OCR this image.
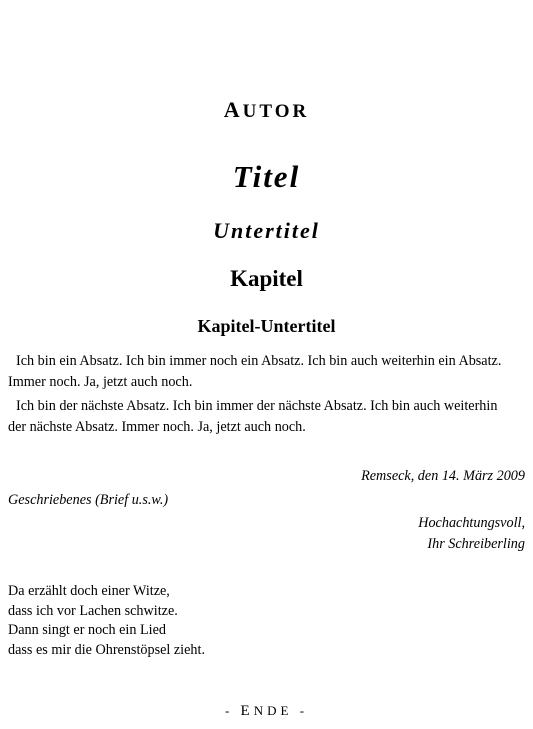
AUTOR
Titel
Untertitel
Kapitel
Kapitel-Untertitel

Ich bin ein Absatz. Ich bin immer noch ein Absatz. Ich bin auch weiterhin ein Absatz.
Immer noch. Ja, jetzt auch noch.

Ich bin der nächste Absatz. Ich bin immer der nächste Absatz. Ich bin auch weiterhin
der nächste Absatz. Immer noch. Ja, jetzt auch noch.

Remseck, den 14. März 2009
Geschriebenes (Brief u.s.w.)
Hochachtungsvoll,
Ihr Schreiberling
Da erzählt doch einer Witze,
dass ich vor Lachen schwitze.
Dann singt er noch ein Lied
dass es mir die Ohrenstöpsel zieht.
- ENDE -
